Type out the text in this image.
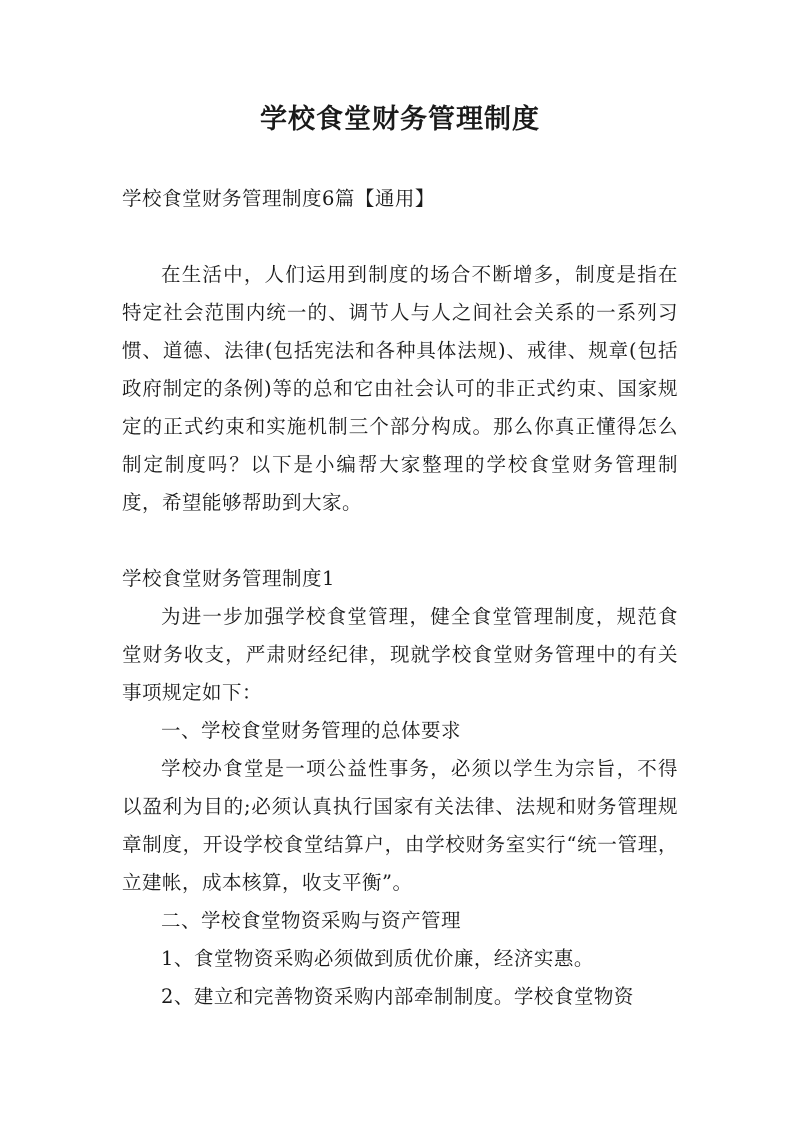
学校食堂财务管理制度

学校食堂财务管理制度6篇【通用】

在生活中，人们运用到制度的场合不断增多，制度是指在特定社会范围内统一的、调节人与人之间社会关系的一系列习惯、道德、法律(包括宪法和各种具体法规)、戒律、规章(包括政府制定的条例)等的总和它由社会认可的非正式约束、国家规定的正式约束和实施机制三个部分构成。那么你真正懂得怎么制定制度吗？以下是小编帮大家整理的学校食堂财务管理制度，希望能够帮助到大家。

学校食堂财务管理制度1

为进一步加强学校食堂管理，健全食堂管理制度，规范食堂财务收支，严肃财经纪律，现就学校食堂财务管理中的有关事项规定如下：

一、学校食堂财务管理的总体要求

学校办食堂是一项公益性事务，必须以学生为宗旨，不得以盈利为目的;必须认真执行国家有关法律、法规和财务管理规章制度，开设学校食堂结算户，由学校财务室实行“统一管理，立建帐，成本核算，收支平衡”。

二、学校食堂物资采购与资产管理

1、食堂物资采购必须做到质优价廉，经济实惠。

2、建立和完善物资采购内部牵制制度。学校食堂物资
